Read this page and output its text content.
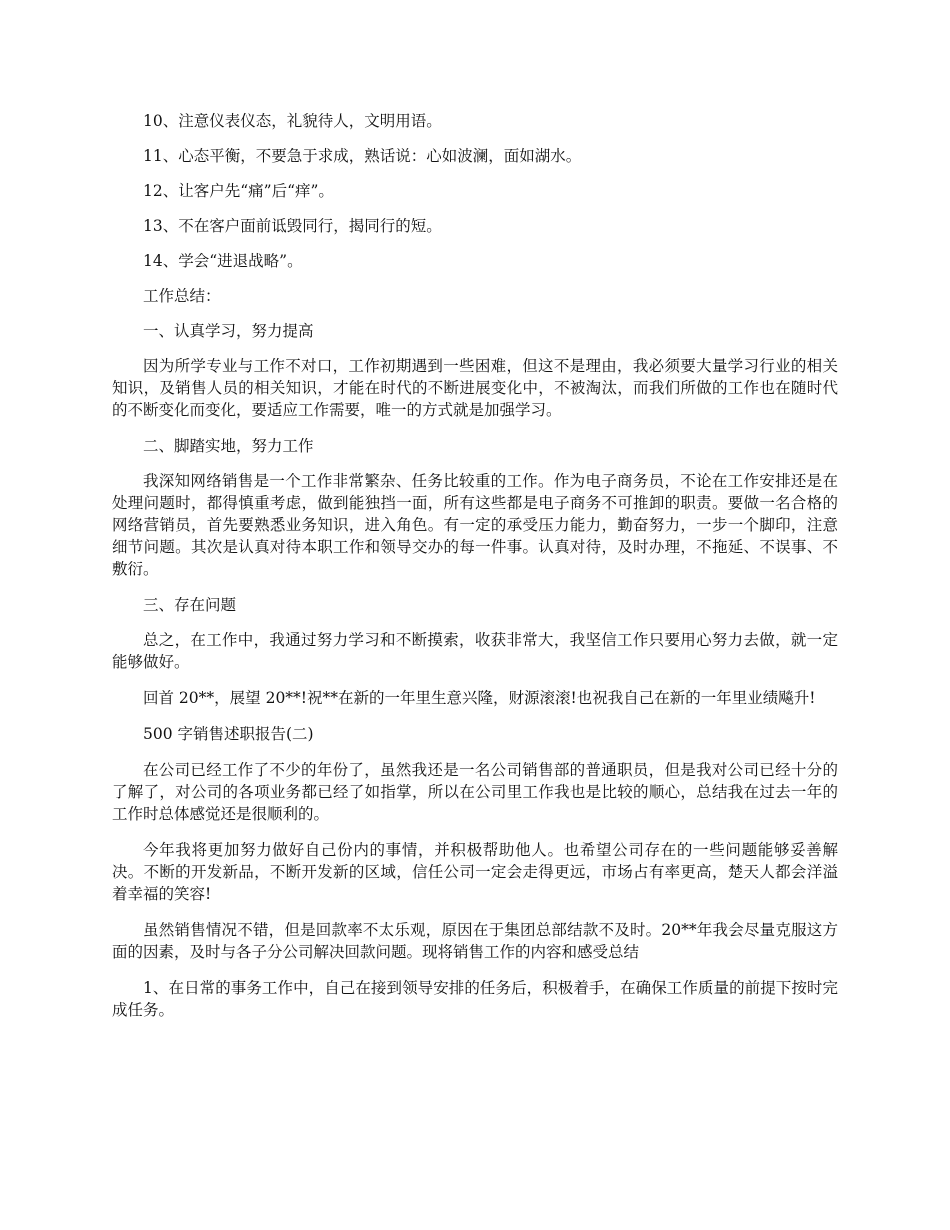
10、注意仪表仪态，礼貌待人，文明用语。

11、心态平衡，不要急于求成，熟话说：心如波澜，面如湖水。

12、让客户先“痛”后“痒”。

13、不在客户面前诋毁同行，揭同行的短。

14、学会“进退战略”。

工作总结：

一、认真学习，努力提高

因为所学专业与工作不对口，工作初期遇到一些困难，但这不是理由，我必须要大量学习行业的相关知识，及销售人员的相关知识，才能在时代的不断进展变化中，不被淘汰，而我们所做的工作也在随时代的不断变化而变化，要适应工作需要，唯一的方式就是加强学习。

二、脚踏实地，努力工作

我深知网络销售是一个工作非常繁杂、任务比较重的工作。作为电子商务员，不论在工作安排还是在处理问题时，都得慎重考虑，做到能独挡一面，所有这些都是电子商务不可推卸的职责。要做一名合格的网络营销员，首先要熟悉业务知识，进入角色。有一定的承受压力能力，勤奋努力，一步一个脚印，注意细节问题。其次是认真对待本职工作和领导交办的每一件事。认真对待，及时办理，不拖延、不误事、不敷衍。

三、存在问题

总之，在工作中，我通过努力学习和不断摸索，收获非常大，我坚信工作只要用心努力去做，就一定能够做好。

回首 20**，展望 20**!祝**在新的一年里生意兴隆，财源滚滚!也祝我自己在新的一年里业绩飚升!

500 字销售述职报告(二)

在公司已经工作了不少的年份了，虽然我还是一名公司销售部的普通职员，但是我对公司已经十分的了解了，对公司的各项业务都已经了如指掌，所以在公司里工作我也是比较的顺心，总结我在过去一年的工作时总体感觉还是很顺利的。

今年我将更加努力做好自己份内的事情，并积极帮助他人。也希望公司存在的一些问题能够妥善解决。不断的开发新品，不断开发新的区域，信任公司一定会走得更远，市场占有率更高，楚天人都会洋溢着幸福的笑容!

虽然销售情况不错，但是回款率不太乐观，原因在于集团总部结款不及时。20**年我会尽量克服这方面的因素，及时与各子分公司解决回款问题。现将销售工作的内容和感受总结

1、在日常的事务工作中，自己在接到领导安排的任务后，积极着手，在确保工作质量的前提下按时完成任务。
